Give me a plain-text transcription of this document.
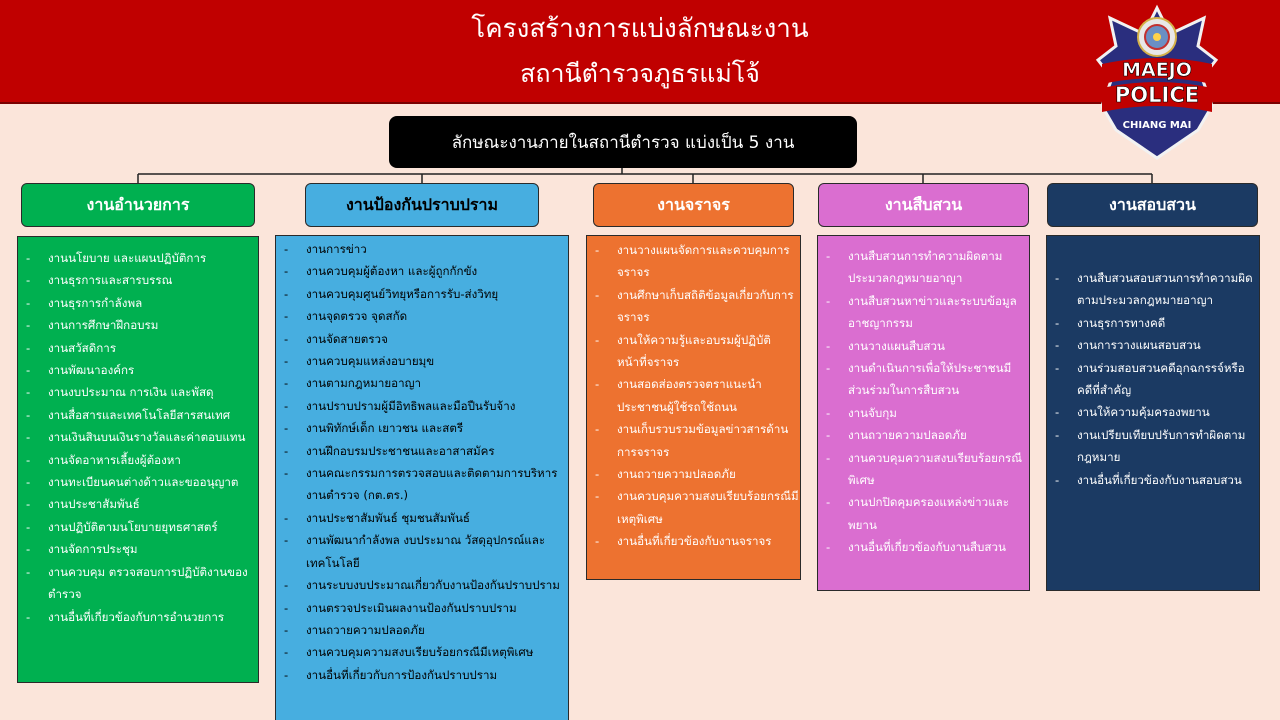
โครงสร้างการแบ่งลักษณะงาน
สถานีตำรวจภูธรแม่โจ้	MAEJO
POLICE
CHIANG MAI
ลักษณะงานภายในสถานีตำรวจ แบ่งเป็น 5 งาน
งานอำนวยการ	งานป้องกันปราบปราม	งานจราจร	งานสืบสวน	งานสอบสวน
- งานนโยบาย และแผนปฏิบัติการ
- งานธุรการและสารบรรณ
- งานธุรการกำลังพล
- งานการศึกษาฝึกอบรม
- งานสวัสดิการ
- งานพัฒนาองค์กร
- งานงบประมาณ การเงิน และพัสดุ
- งานสื่อสารและเทคโนโลยีสารสนเทศ
- งานเงินสินบนเงินรางวัลและค่าตอบแทน
- งานจัดอาหารเลี้ยงผู้ต้องหา
- งานทะเบียนคนต่างด้าวและขออนุญาต
- งานประชาสัมพันธ์
- งานปฏิบัติตามนโยบายยุทธศาสตร์
- งานจัดการประชุม
- งานควบคุม ตรวจสอบการปฏิบัติงานของตำรวจ
- งานอื่นที่เกี่ยวข้องกับการอำนวยการ
- งานการข่าว
- งานควบคุมผู้ต้องหา และผู้ถูกกักขัง
- งานควบคุมศูนย์วิทยุหรือการรับ-ส่งวิทยุ
- งานจุดตรวจ จุดสกัด
- งานจัดสายตรวจ
- งานควบคุมแหล่งอบายมุข
- งานตามกฎหมายอาญา
- งานปราบปรามผู้มีอิทธิพลและมือปืนรับจ้าง
- งานพิทักษ์เด็ก เยาวชน และสตรี
- งานฝึกอบรมประชาชนและอาสาสมัคร
- งานคณะกรรมการตรวจสอบและติดตามการบริหารงานตำรวจ (กต.ตร.)
- งานประชาสัมพันธ์ ชุมชนสัมพันธ์
- งานพัฒนากำลังพล งบประมาณ วัสดุอุปกรณ์และเทคโนโลยี
- งานระบบงบประมาณเกี่ยวกับงานป้องกันปราบปราม
- งานตรวจประเมินผลงานป้องกันปราบปราม
- งานถวายความปลอดภัย
- งานควบคุมความสงบเรียบร้อยกรณีมีเหตุพิเศษ
- งานอื่นที่เกี่ยวกับการป้องกันปราบปราม
- งานวางแผนจัดการและควบคุมการจราจร
- งานศึกษาเก็บสถิติข้อมูลเกี่ยวกับการจราจร
- งานให้ความรู้และอบรมผู้ปฏิบัติหน้าที่จราจร
- งานสอดส่องตรวจตราแนะนำประชาชนผู้ใช้รถใช้ถนน
- งานเก็บรวบรวมข้อมูลข่าวสารด้านการจราจร
- งานถวายความปลอดภัย
- งานควบคุมความสงบเรียบร้อยกรณีมีเหตุพิเศษ
- งานอื่นที่เกี่ยวข้องกับงานจราจร
- งานสืบสวนการทำความผิดตามประมวลกฎหมายอาญา
- งานสืบสวนหาข่าวและระบบข้อมูลอาชญากรรม
- งานวางแผนสืบสวน
- งานดำเนินการเพื่อให้ประชาชนมีส่วนร่วมในการสืบสวน
- งานจับกุม
- งานถวายความปลอดภัย
- งานควบคุมความสงบเรียบร้อยกรณีพิเศษ
- งานปกปิดคุมครองแหล่งข่าวและพยาน
- งานอื่นที่เกี่ยวข้องกับงานสืบสวน
- งานสืบสวนสอบสวนการทำความผิดตามประมวลกฎหมายอาญา
- งานธุรการทางคดี
- งานการวางแผนสอบสวน
- งานร่วมสอบสวนคดีอุกฉกรรจ์หรือคดีที่สำคัญ
- งานให้ความคุ้มครองพยาน
- งานเปรียบเทียบปรับการทำผิดตามกฎหมาย
- งานอื่นที่เกี่ยวข้องกับงานสอบสวน
